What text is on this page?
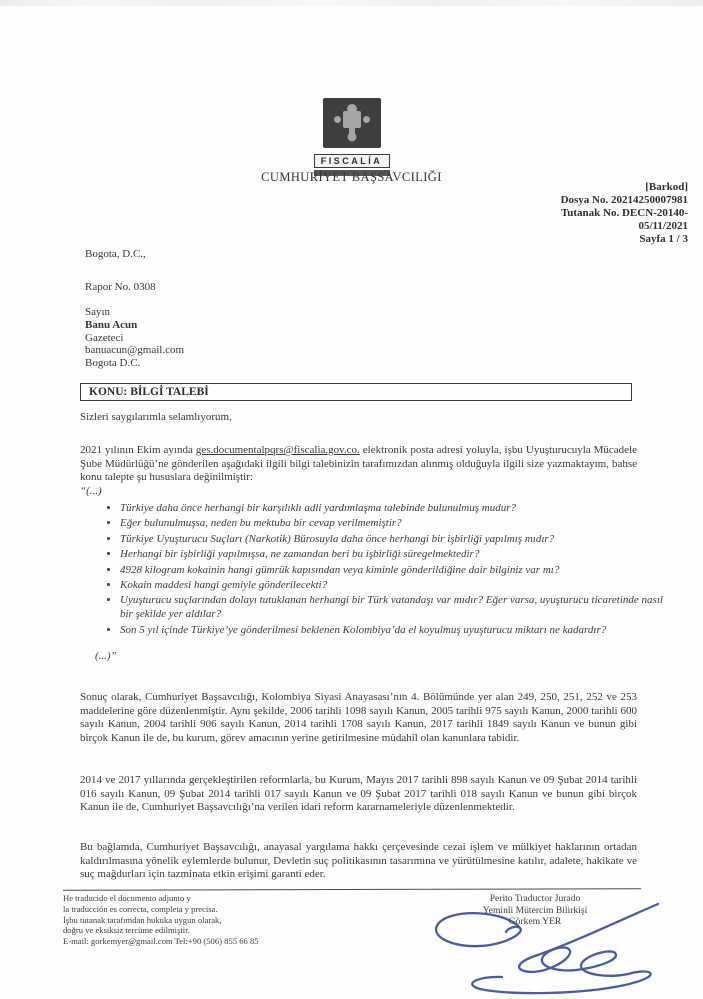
FISCALÍA
CUMHURİYET BAŞSAVCILIĞI
[Barkod]
Dosya No. 20214250007981
Tutanak No. DECN-20140-
05/11/2021
Sayfa 1 / 3
Bogota, D.C.,
Rapor No. 0308
Sayın
Banu Acun
Gazeteci
banuacun@gmail.com
Bogota D.C.
KONU: BİLGİ TALEBİ
Sizleri saygılarımla selamlıyorum,

2021 yılının Ekim ayında ges.documentalpqrs@fiscalia.gov.co. elektronik posta adresi yoluyla, işbu Uyuşturucuyla Mücadele Şube Müdürlüğü’ne gönderilen aşağıdaki ilgili bilgi talebinizin tarafımızdan alınmış olduğuyla ilgili size yazmaktayım, bahse konu talepte şu hususlara değinilmiştir:

“(...)
• Türkiye daha önce herhangi bir karşılıklı adli yardımlaşma talebinde bulunulmuş mudur?
• Eğer bulunulmuşsa, neden bu mektuba bir cevap verilmemiştir?
• Türkiye Uyuşturucu Suçları (Narkotik) Bürosuyla daha önce herhangi bir işbirliği yapılmış mıdır?
• Herhangi bir işbirliği yapılmışsa, ne zamandan beri bu işbirliği süregelmektedir?
• 4928 kilogram kokainin hangi gümrük kapısından veya kiminle gönderildiğine dair bilginiz var mı?
• Kokain maddesi hangi gemiyle gönderilecekti?
• Uyuşturucu suçlarından dolayı tutuklanan herhangi bir Türk vatandaşı var mıdır? Eğer varsa, uyuşturucu ticaretinde nasıl bir şekilde yer aldılar?
• Son 5 yıl içinde Türkiye’ye gönderilmesi beklenen Kolombiya’da el koyulmuş uyuşturucu miktarı ne kadardır?
(...)”

Sonuç olarak, Cumhuriyet Başsavcılığı, Kolombiya Siyasi Anayasası’nın 4. Bölümünde yer alan 249, 250, 251, 252 ve 253 maddelerine göre düzenlenmiştir. Aynı şekilde, 2006 tarihli 1098 sayılı Kanun, 2005 tarihli 975 sayılı Kanun, 2000 tarihli 600 sayılı Kanun, 2004 tarihli 906 sayılı Kanun, 2014 tarihli 1708 sayılı Kanun, 2017 tarihli 1849 sayılı Kanun ve bunun gibi birçok Kanun ile de, bu kurum, görev amacının yerine getirilmesine müdahil olan kanunlara tabidir.

2014 ve 2017 yıllarında gerçekleştirilen reformlarla, bu Kurum, Mayıs 2017 tarihli 898 sayılı Kanun ve 09 Şubat 2014 tarihli 016 sayılı Kanun, 09 Şubat 2014 tarihli 017 sayılı Kanun ve 09 Şubat 2017 tarihli 018 sayılı Kanun ve bunun gibi birçok Kanun ile de, Cumhuriyet Başsavcılığı’na verilen idari reform kararnameleriyle düzenlenmektedir.

Bu bağlamda, Cumhuriyet Başsavcılığı, anayasal yargılama hakkı çerçevesinde cezai işlem ve mülkiyet haklarının ortadan kaldırılmasına yönelik eylemlerde bulunur, Devletin suç politikasının tasarımına ve yürütülmesine katılır, adalete, hakikate ve suç mağdurları için tazminata etkin erişimi garanti eder.

He traducido el documento adjunto y
la traducción es correcta, completa y precisa.
İşbu tutanak tarafımdan hukuka uygun olarak,
doğru ve eksiksiz tercüme edilmiştir.
E-mail: gorkemyer@gmail.com Tel:+90 (506) 855 66 85
Perito Traductor Jurado
Yeminli Mütercim Bilirkişi
Görkem YER
